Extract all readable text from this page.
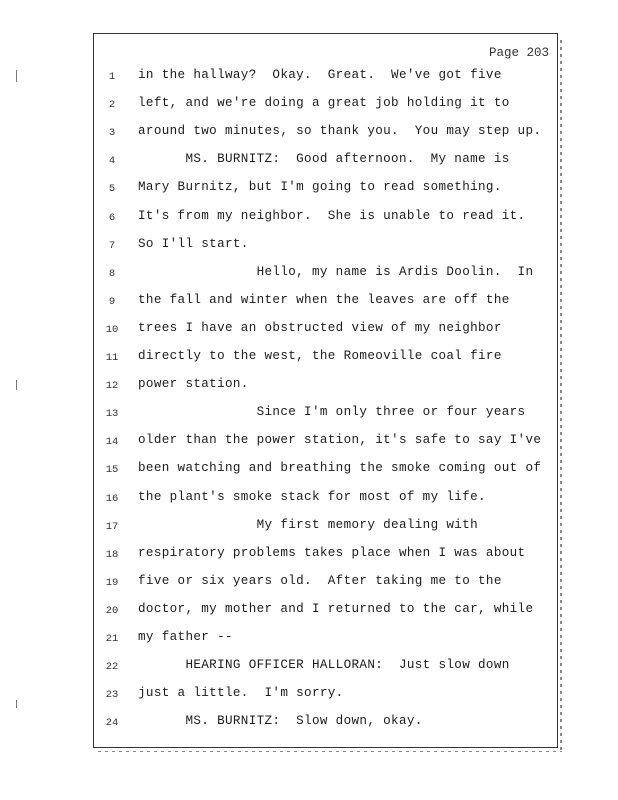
Page 203
1	in the hallway?  Okay.  Great.  We've got five
2	left, and we're doing a great job holding it to
3	around two minutes, so thank you.  You may step up.
4	MS. BURNITZ:  Good afternoon.  My name is
5	Mary Burnitz, but I'm going to read something.
6	It's from my neighbor.  She is unable to read it.
7	So I'll start.
8	Hello, my name is Ardis Doolin.  In
9	the fall and winter when the leaves are off the
10	trees I have an obstructed view of my neighbor
11	directly to the west, the Romeoville coal fire
12	power station.
13	Since I'm only three or four years
14	older than the power station, it's safe to say I've
15	been watching and breathing the smoke coming out of
16	the plant's smoke stack for most of my life.
17	My first memory dealing with
18	respiratory problems takes place when I was about
19	five or six years old.  After taking me to the
20	doctor, my mother and I returned to the car, while
21	my father --
22	HEARING OFFICER HALLORAN:  Just slow down
23	just a little.  I'm sorry.
24	MS. BURNITZ:  Slow down, okay.
